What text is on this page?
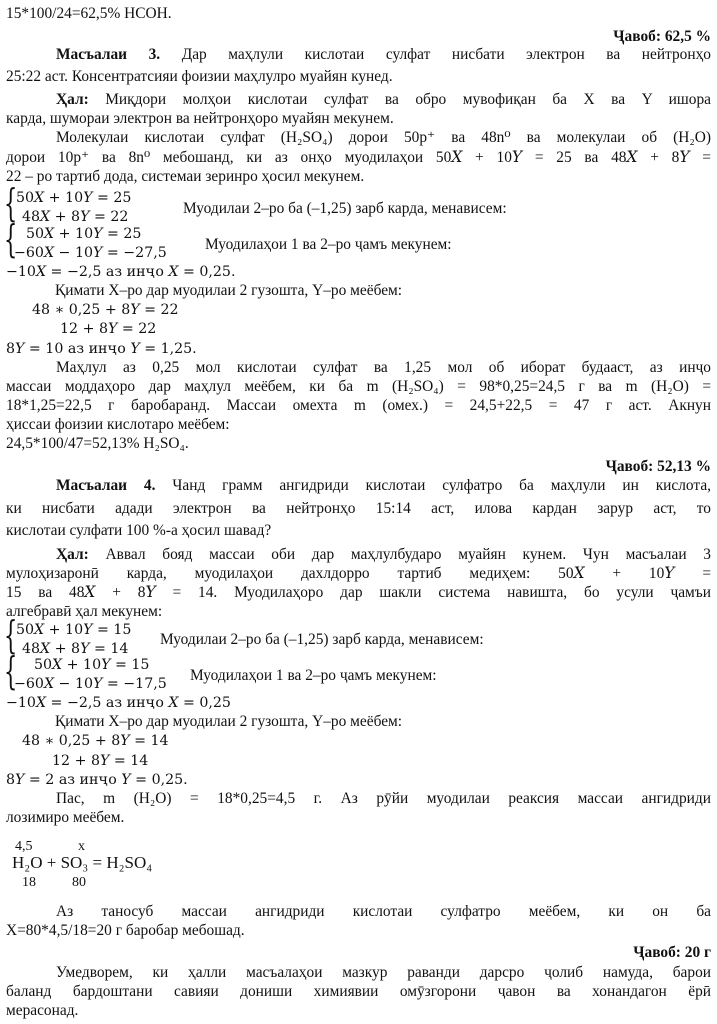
15*100/24=62,5% HCOH.
Ҷавоб: 62,5 %
Масъалаи 3. Дар маҳлули кислотаи сулфат нисбати электрон ва нейтронҳо
25:22 аст. Консентратсияи фоизии маҳлулро муайян кунед.
Ҳал: Миқдори молҳои кислотаи сулфат ва обро мувофиқан ба X ва Y ишора
карда, шумораи электрон ва нейтронҳоро муайян мекунем.
Молекулаи кислотаи сулфат (H₂SO₄) дорои 50p⁺ ва 48n⁰ ва молекулаи об (H₂O)
дорои 10p⁺ ва 8n⁰ мебошанд, ки аз онҳо муодилаҳои 50𝑋 + 10𝑌 = 25 ва 48𝑋 + 8𝑌 =
22 – ро тартиб дода, системаи зеринро ҳосил мекунем.
{
50𝑋 + 10𝑌 = 25
48𝑋 + 8𝑌 = 22	Муодилаи 2–ро ба (–1,25) зарб карда, менависем:
{ 50𝑋 + 10𝑌 = 25
−60𝑋 − 10𝑌 = −27,5 Муодилаҳои 1 ва 2–ро ҷамъ мекунем:
−10𝑋 = −2,5 аз инҷо 𝑋 = 0,25.
Қимати X–ро дар муодилаи 2 гузошта, Y–ро меёбем:
48 ∗ 0,25 + 8𝑌 = 22
12 + 8𝑌 = 22
8𝑌 = 10 аз инҷо 𝑌 = 1,25.
Маҳлул аз 0,25 мол кислотаи сулфат ва 1,25 мол об иборат будааст, аз инҷо
массаи моддаҳоро дар маҳлул меёбем, ки ба m (H₂SO₄) = 98*0,25=24,5 г ва m (H₂O) =
18*1,25=22,5 г баробаранд. Массаи омехта m (омех.) = 24,5+22,5 = 47 г аст. Акнун
ҳиссаи фоизии кислотаро меёбем:
24,5*100/47=52,13% H₂SO₄.
Ҷавоб: 52,13 %
Масъалаи 4. Чанд грамм ангидриди кислотаи сулфатро ба маҳлули ин кислота,
ки нисбати адади электрон ва нейтронҳо 15:14 аст, илова кардан зарур аст, то
кислотаи сулфати 100 %-а ҳосил шавад?
Ҳал: Аввал бояд массаи оби дар маҳлулбударо муайян кунем. Чун масъалаи 3
мулоҳизаронӣ карда, муодилаҳои дахлдорро тартиб медиҳем: 50𝑋 + 10𝑌 =
15 ва 48𝑋 + 8𝑌 = 14. Муодилаҳоро дар шакли система навишта, бо усули ҷамъи
алгебравӣ ҳал мекунем:
{
50𝑋 + 10𝑌 = 15
48𝑋 + 8𝑌 = 14
Муодилаи 2–ро ба (–1,25) зарб карда, менависем:
{ 50𝑋 + 10𝑌 = 15
−60𝑋 − 10𝑌 = −17,5 Муодилаҳои 1 ва 2–ро ҷамъ мекунем:
−10𝑋 = −2,5 аз инҷо 𝑋 = 0,25
Қимати X–ро дар муодилаи 2 гузошта, Y–ро меёбем:
48 ∗ 0,25 + 8𝑌 = 14
12 + 8𝑌 = 14
8𝑌 = 2 аз инҷо 𝑌 = 0,25.
Пас, m (H₂O) = 18*0,25=4,5 г. Аз рӯйи муодилаи реаксия массаи ангидриди
лозимиро меёбем.
4,5	x
H₂O + SO₃ = H₂SO₄
18	80
Аз таносуб массаи ангидриди кислотаи сулфатро меёбем, ки он ба
X=80*4,5/18=20 г баробар мебошад.
Ҷавоб: 20 г
Умедворем, ки ҳалли масъалаҳои мазкур раванди дарсро ҷолиб намуда, барои
баланд бардоштани савияи дониши химиявии омӯзгорони ҷавон ва хонандагон ёрӣ
мерасонад.
